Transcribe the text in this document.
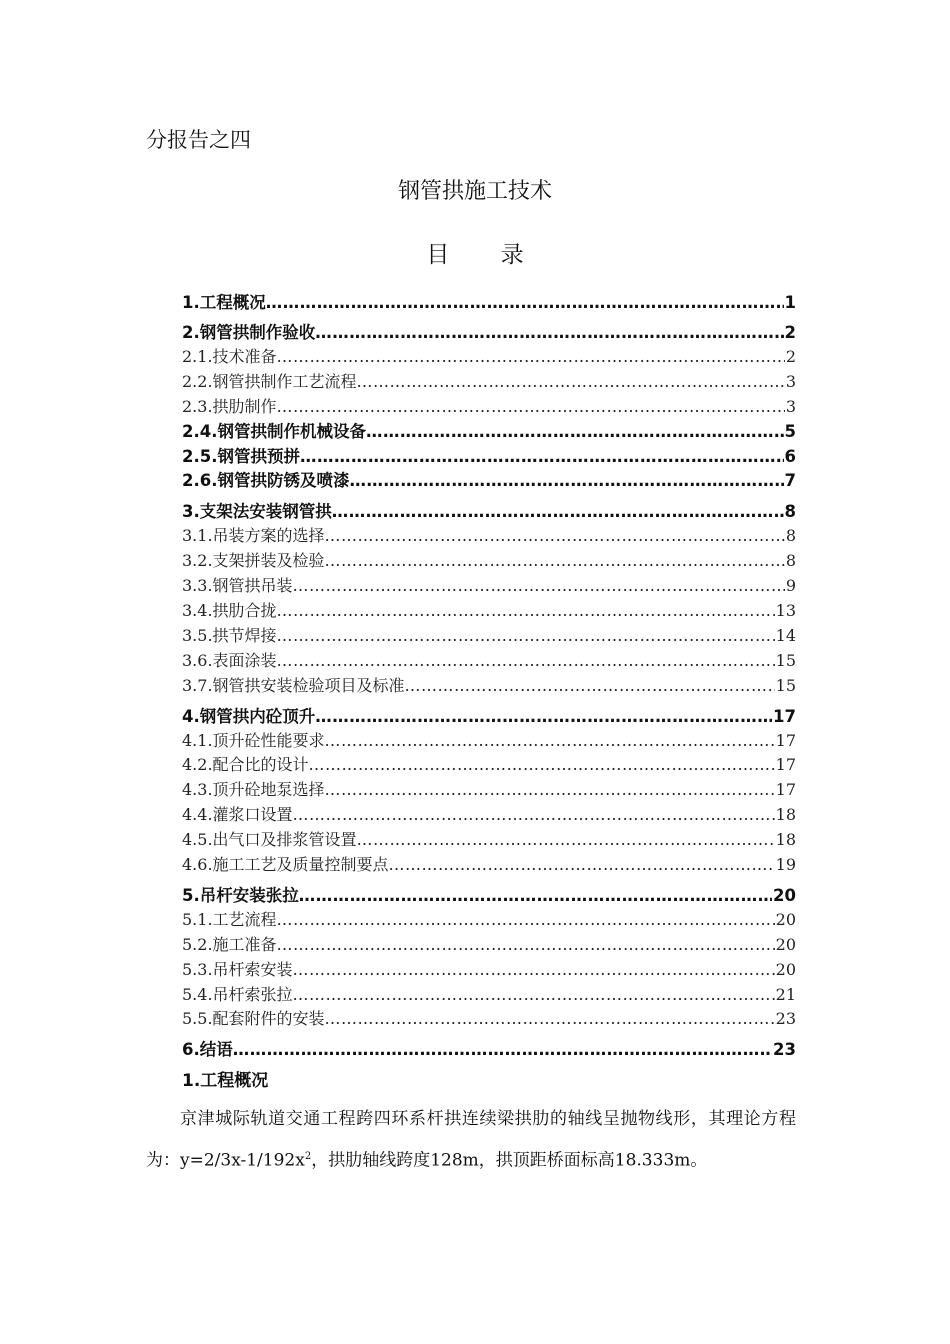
分报告之四
钢管拱施工技术
目 录
1.工程概况 …………………………………………………………………………………………………………………………………………………………………………………………………………………………	1
2.钢管拱制作验收 …………………………………………………………………………………………………………………………………………………………………………………………………………………………	2
2.1.技术准备 …………………………………………………………………………………………………………………………………………………………………………………………………………………………	2
2.2.钢管拱制作工艺流程 …………………………………………………………………………………………………………………………………………………………………………………………………………………………	3
2.3.拱肋制作 …………………………………………………………………………………………………………………………………………………………………………………………………………………………	3
2.4.钢管拱制作机械设备 …………………………………………………………………………………………………………………………………………………………………………………………………………………………	5
2.5.钢管拱预拼 …………………………………………………………………………………………………………………………………………………………………………………………………………………………	6
2.6.钢管拱防锈及喷漆 …………………………………………………………………………………………………………………………………………………………………………………………………………………………	7
3.支架法安装钢管拱 …………………………………………………………………………………………………………………………………………………………………………………………………………………………	8
3.1.吊装方案的选择 …………………………………………………………………………………………………………………………………………………………………………………………………………………………	8
3.2.支架拼装及检验 …………………………………………………………………………………………………………………………………………………………………………………………………………………………	8
3.3.钢管拱吊装 …………………………………………………………………………………………………………………………………………………………………………………………………………………………	9
3.4.拱肋合拢 …………………………………………………………………………………………………………………………………………………………………………………………………………………………	13
3.5.拱节焊接 …………………………………………………………………………………………………………………………………………………………………………………………………………………………	14
3.6.表面涂装 …………………………………………………………………………………………………………………………………………………………………………………………………………………………	15
3.7.钢管拱安装检验项目及标准 …………………………………………………………………………………………………………………………………………………………………………………………………………………………	15
4.钢管拱内砼顶升 …………………………………………………………………………………………………………………………………………………………………………………………………………………………	17
4.1.顶升砼性能要求 …………………………………………………………………………………………………………………………………………………………………………………………………………………………	17
4.2.配合比的设计 …………………………………………………………………………………………………………………………………………………………………………………………………………………………	17
4.3.顶升砼地泵选择 …………………………………………………………………………………………………………………………………………………………………………………………………………………………	17
4.4.灌浆口设置 …………………………………………………………………………………………………………………………………………………………………………………………………………………………	18
4.5.出气口及排浆管设置 …………………………………………………………………………………………………………………………………………………………………………………………………………………………	18
4.6.施工工艺及质量控制要点 …………………………………………………………………………………………………………………………………………………………………………………………………………………………	19
5.吊杆安装张拉 …………………………………………………………………………………………………………………………………………………………………………………………………………………………	20
5.1.工艺流程 …………………………………………………………………………………………………………………………………………………………………………………………………………………………	20
5.2.施工准备 …………………………………………………………………………………………………………………………………………………………………………………………………………………………	20
5.3.吊杆索安装 …………………………………………………………………………………………………………………………………………………………………………………………………………………………	20
5.4.吊杆索张拉 …………………………………………………………………………………………………………………………………………………………………………………………………………………………	21
5.5.配套附件的安装 …………………………………………………………………………………………………………………………………………………………………………………………………………………………	23
6.结语 …………………………………………………………………………………………………………………………………………………………………………………………………………………………	23
1.工程概况

京津城际轨道交通工程跨四环系杆拱连续梁拱肋的轴线呈抛物线形，其理论方程为：$y=2/3x-1/192x^2$，拱肋轴线跨度128m，拱顶距桥面标高18.333m。
